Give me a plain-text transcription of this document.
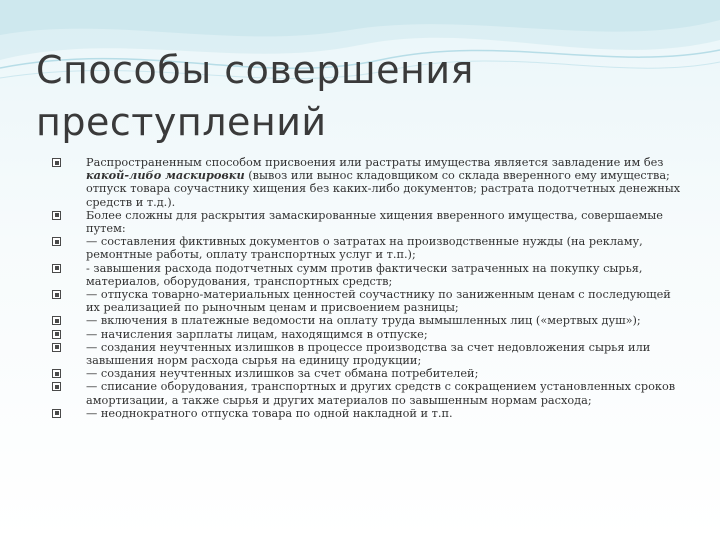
Способы совершения
преступлений
Распространенным способом присвоения или растраты имущества является завладение им без какой-либо маскировки (вывоз или вынос кладовщиком со склада вверенного ему имущества; отпуск товара соучастнику хищения без каких-либо документов; растрата подотчетных денежных средств и т.д.).
Более сложны для раскрытия замаскированные хищения вверенного имущества, совершаемые путем:
— составления фиктивных документов о затратах на производственные нужды (на рекламу, ремонтные работы, оплату транспортных услуг и т.п.);
- завышения расхода подотчетных сумм против фактически затраченных на покупку сырья, материалов, оборудования, транспортных средств;
— отпуска товарно-материальных ценностей соучастнику по заниженным ценам с последующей их реализацией по рыночным ценам и присвоением разницы;
— включения в платежные ведомости на оплату труда вымышленных лиц («мертвых душ»);
— начисления зарплаты лицам, находящимся в отпуске;
— создания неучтенных излишков в процессе производства за счет недовложения сырья или завышения норм расхода сырья на единицу продукции;
— создания неучтенных излишков за счет обмана потребителей;
— списание оборудования, транспортных и других средств с сокращением установленных сроков амортизации, а также сырья и других материалов по завышенным нормам расхода;
— неоднократного отпуска товара по одной накладной и т.п.
